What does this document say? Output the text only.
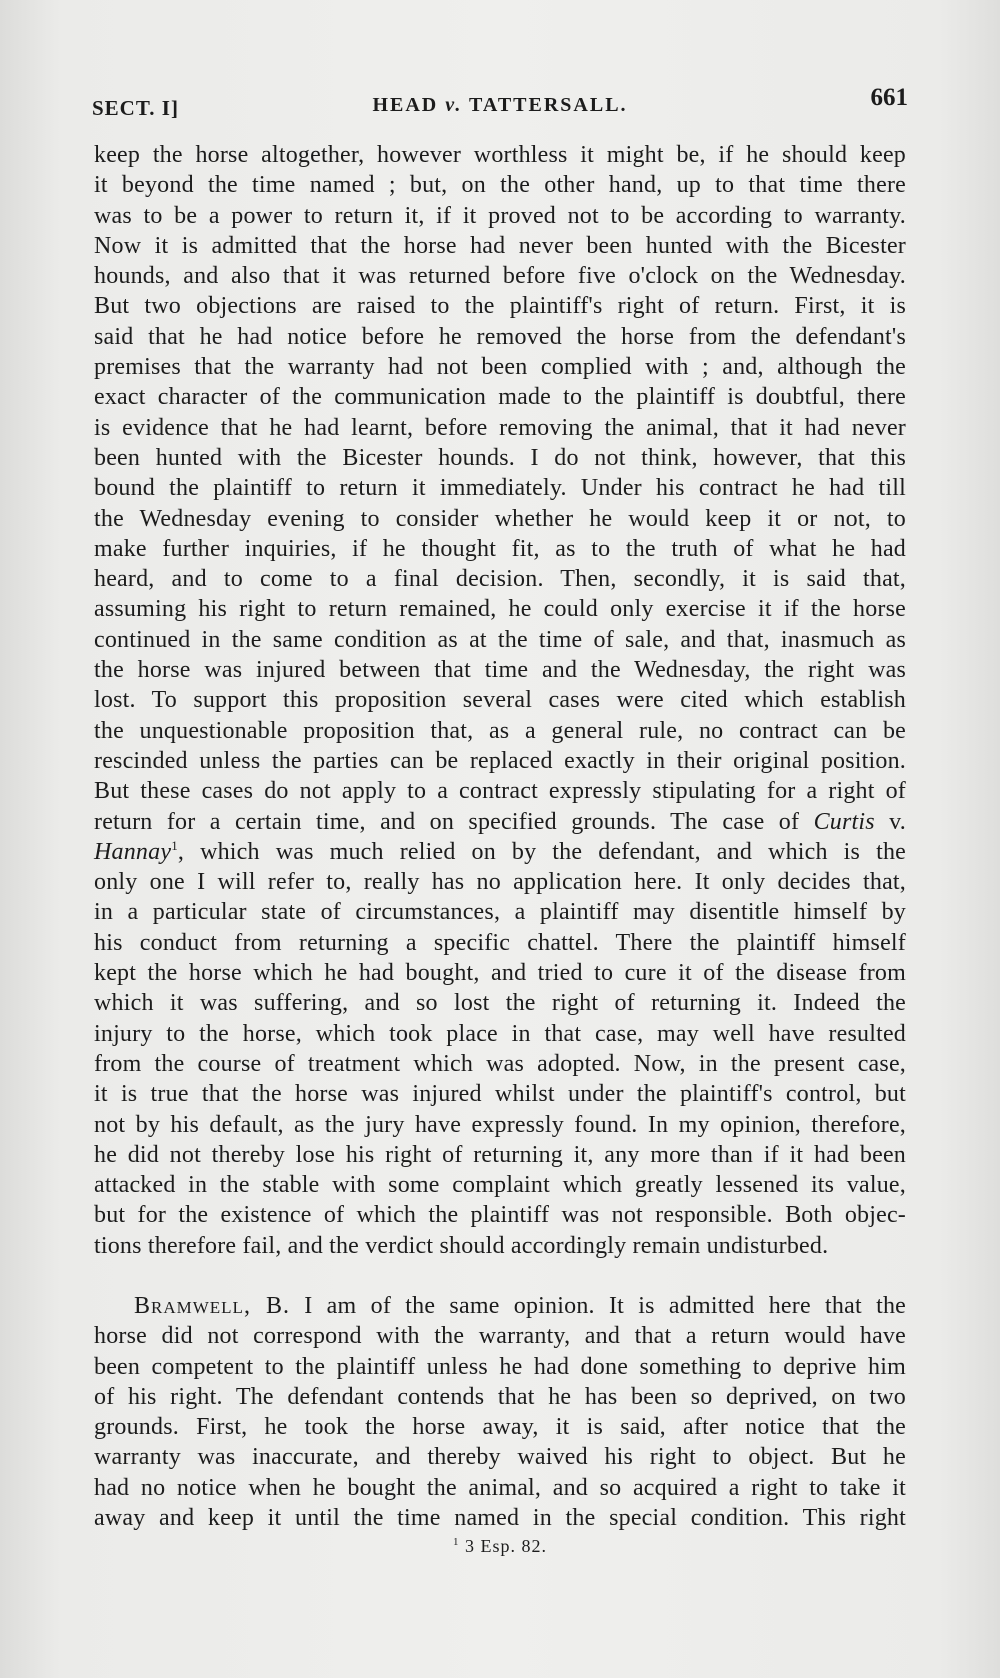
SECT. I]	HEAD v. TATTERSALL.	661
keep the horse altogether, however worthless it might be, if he should keep
it beyond the time named ; but, on the other hand, up to that time there
was to be a power to return it, if it proved not to be according to warranty.
Now it is admitted that the horse had never been hunted with the Bicester
hounds, and also that it was returned before five o'clock on the Wednesday.
But two objections are raised to the plaintiff's right of return. First, it is
said that he had notice before he removed the horse from the defendant's
premises that the warranty had not been complied with ; and, although the
exact character of the communication made to the plaintiff is doubtful, there
is evidence that he had learnt, before removing the animal, that it had never
been hunted with the Bicester hounds. I do not think, however, that this
bound the plaintiff to return it immediately. Under his contract he had till
the Wednesday evening to consider whether he would keep it or not, to
make further inquiries, if he thought fit, as to the truth of what he had
heard, and to come to a final decision. Then, secondly, it is said that,
assuming his right to return remained, he could only exercise it if the horse
continued in the same condition as at the time of sale, and that, inasmuch as
the horse was injured between that time and the Wednesday, the right was
lost. To support this proposition several cases were cited which establish
the unquestionable proposition that, as a general rule, no contract can be
rescinded unless the parties can be replaced exactly in their original position.
But these cases do not apply to a contract expressly stipulating for a right of
return for a certain time, and on specified grounds. The case of Curtis v.
Hannay$^1$, which was much relied on by the defendant, and which is the
only one I will refer to, really has no application here. It only decides that,
in a particular state of circumstances, a plaintiff may disentitle himself by
his conduct from returning a specific chattel. There the plaintiff himself
kept the horse which he had bought, and tried to cure it of the disease from
which it was suffering, and so lost the right of returning it. Indeed the
injury to the horse, which took place in that case, may well have resulted
from the course of treatment which was adopted. Now, in the present case,
it is true that the horse was injured whilst under the plaintiff's control, but
not by his default, as the jury have expressly found. In my opinion, therefore,
he did not thereby lose his right of returning it, any more than if it had been
attacked in the stable with some complaint which greatly lessened its value,
but for the existence of which the plaintiff was not responsible. Both objec-
tions therefore fail, and the verdict should accordingly remain undisturbed.
Bramwell, B. I am of the same opinion. It is admitted here that the
horse did not correspond with the warranty, and that a return would have
been competent to the plaintiff unless he had done something to deprive him
of his right. The defendant contends that he has been so deprived, on two
grounds. First, he took the horse away, it is said, after notice that the
warranty was inaccurate, and thereby waived his right to object. But he
had no notice when he bought the animal, and so acquired a right to take it
away and keep it until the time named in the special condition. This right
$^1$ 3 Esp. 82.
